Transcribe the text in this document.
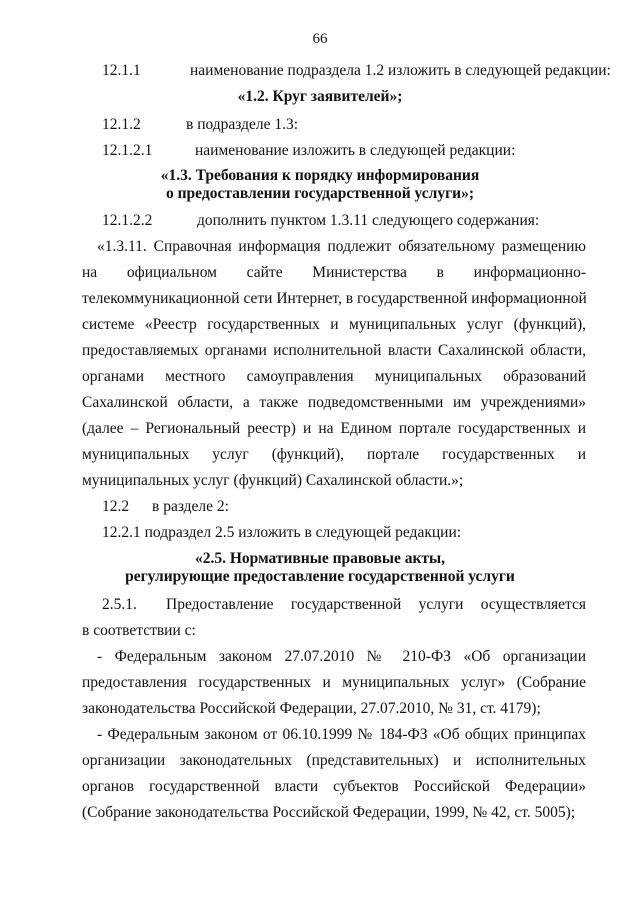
66
12.1.1	наименование подраздела 1.2 изложить в следующей редакции:
«1.2. Круг заявителей»;
12.1.2	в подразделе 1.3:
12.1.2.1	наименование изложить в следующей редакции:
«1.3. Требования к порядку информирования
о предоставлении государственной услуги»;
12.1.2.2	дополнить пунктом 1.3.11 следующего содержания:
«1.3.11. Справочная информация подлежит обязательному размещению
на официальном сайте Министерства в информационно-
телекоммуникационной сети Интернет, в государственной информационной
системе «Реестр государственных и муниципальных услуг (функций),
предоставляемых органами исполнительной власти Сахалинской области,
органами местного самоуправления муниципальных образований
Сахалинской области, а также подведомственными им учреждениями»
(далее – Региональный реестр) и на Едином портале государственных и
муниципальных услуг (функций), портале государственных и
муниципальных услуг (функций) Сахалинской области.»;
12.2 в разделе 2:
12.2.1 подраздел 2.5 изложить в следующей редакции:
«2.5. Нормативные правовые акты,
регулирующие предоставление государственной услуги
2.5.1.	Предоставление государственной услуги осуществляется
в соответствии с:
- Федеральным законом 27.07.2010 № 210-ФЗ «Об организации
предоставления государственных и муниципальных услуг» (Собрание
законодательства Российской Федерации, 27.07.2010, № 31, ст. 4179);
- Федеральным законом от 06.10.1999 № 184-ФЗ «Об общих принципах
организации законодательных (представительных) и исполнительных
органов государственной власти субъектов Российской Федерации»
(Собрание законодательства Российской Федерации, 1999, № 42, ст. 5005);
